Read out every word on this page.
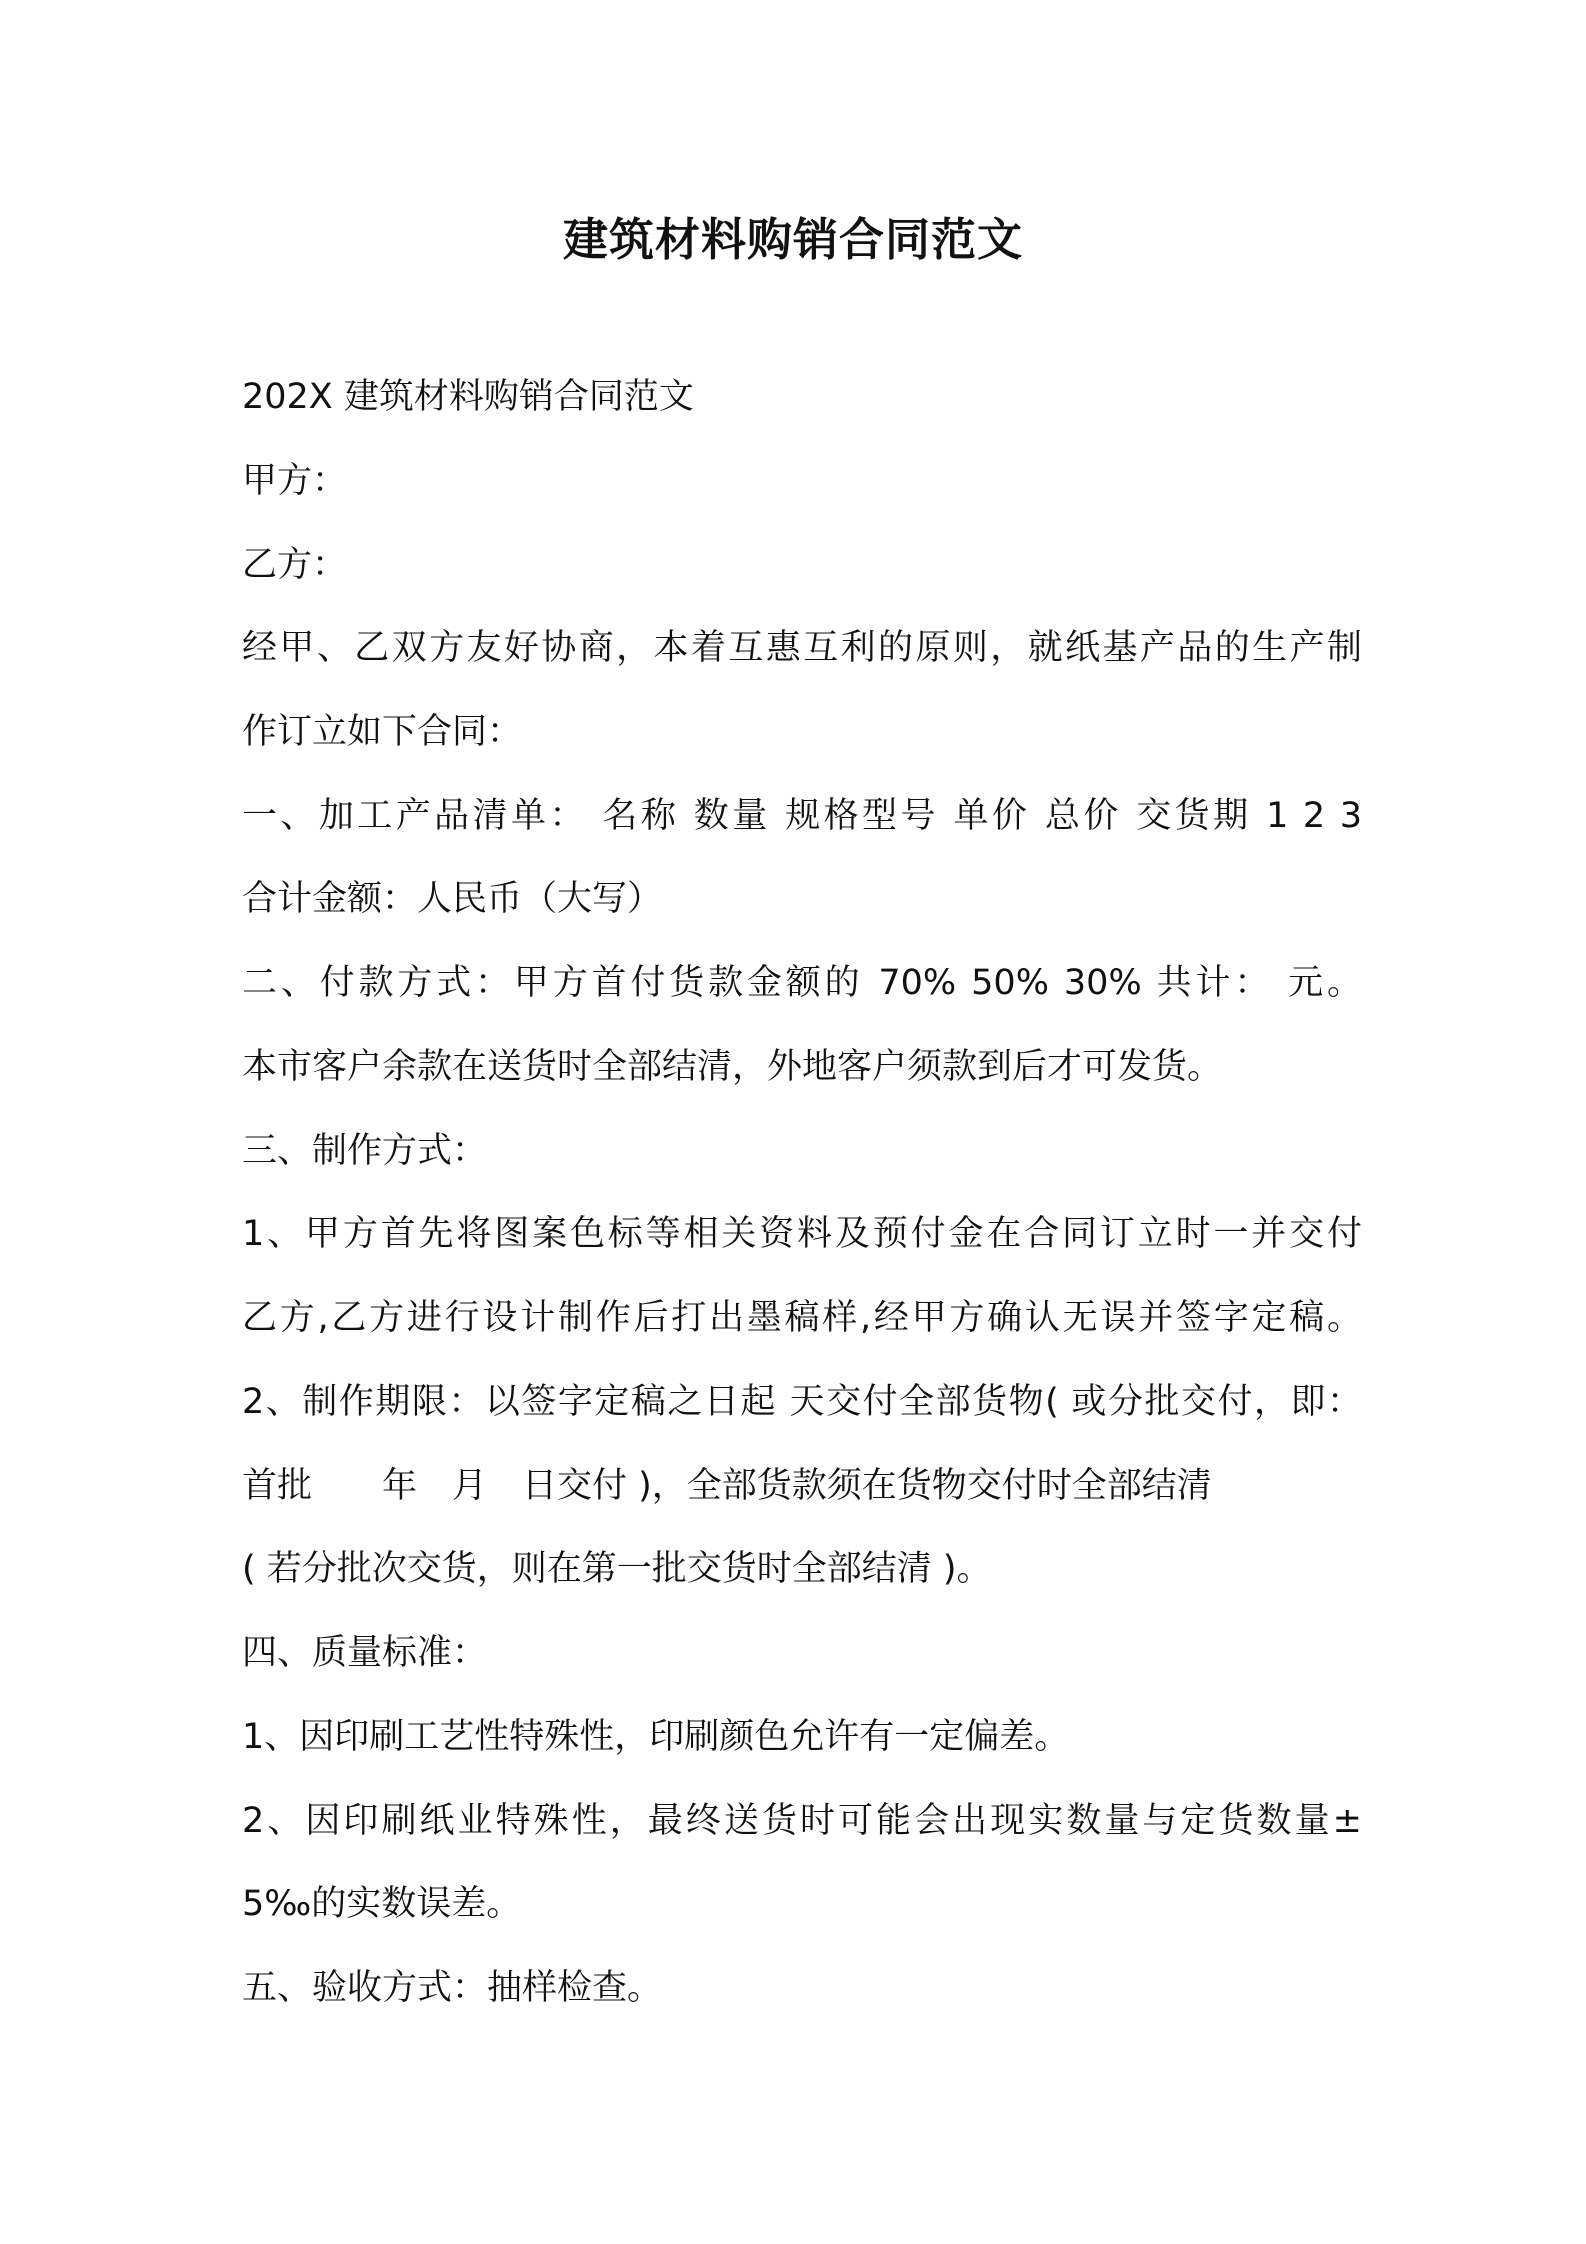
建筑材料购销合同范文
202X 建筑材料购销合同范文
甲方：
乙方：
经甲、乙双方友好协商，本着互惠互利的原则，就纸基产品的生产制
作订立如下合同：
一、加工产品清单： 名称 数量 规格型号 单价 总价 交货期 1 2 3
合计金额：人民币（大写）
二、付款方式：甲方首付货款金额的 70% 50% 30% 共计： 元。
本市客户余款在送货时全部结清，外地客户须款到后才可发货。
三、制作方式：
1、甲方首先将图案色标等相关资料及预付金在合同订立时一并交付
乙方,乙方进行设计制作后打出墨稿样,经甲方确认无误并签字定稿。
2、制作期限：以签字定稿之日起 天交付全部货物( 或分批交付，即：
首批　　年　月　日交付 )，全部货款须在货物交付时全部结清
( 若分批次交货，则在第一批交货时全部结清 )。
四、质量标准：
1、因印刷工艺性特殊性，印刷颜色允许有一定偏差。
2、因印刷纸业特殊性，最终送货时可能会出现实数量与定货数量±
5‰的实数误差。
五、验收方式：抽样检查。
